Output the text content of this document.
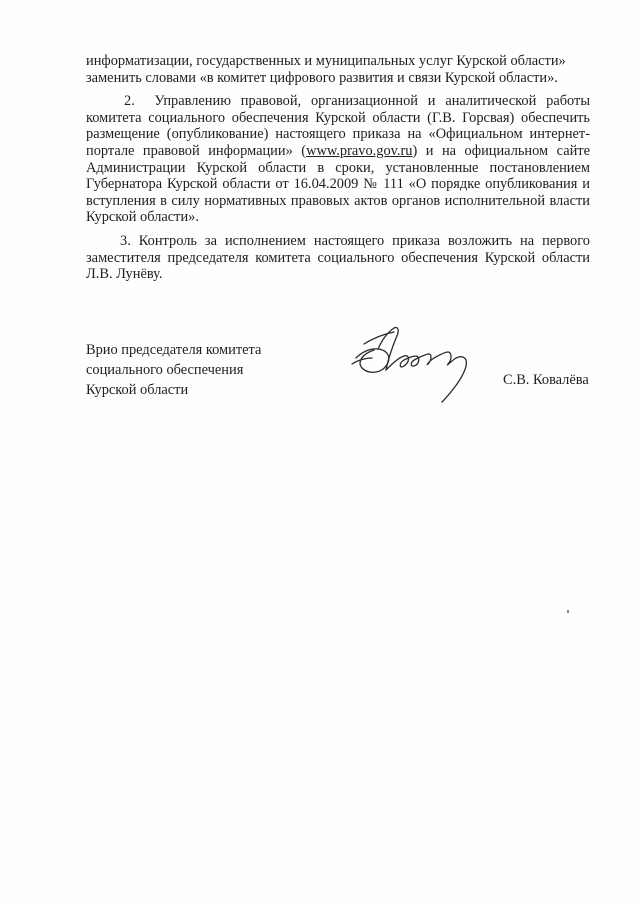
информатизации, государственных и муниципальных услуг Курской области»
заменить словами «в комитет цифрового развития и связи Курской области».

2. Управлению правовой, организационной и аналитической работы комитета социального обеспечения Курской области (Г.В. Горсвая) обеспечить размещение (опубликование) настоящего приказа на «Официальном интернет-портале правовой информации» (www.pravo.gov.ru) и на официальном сайте Администрации Курской области в сроки, установленные постановлением Губернатора Курской области от 16.04.2009 № 111 «О порядке опубликования и вступления в силу нормативных правовых актов органов исполнительной власти Курской области».

3. Контроль за исполнением настоящего приказа возложить на первого заместителя председателя комитета социального обеспечения Курской области Л.В. Лунёву.

Врио председателя комитета
социального обеспечения
Курской области
С.В. Ковалёва
